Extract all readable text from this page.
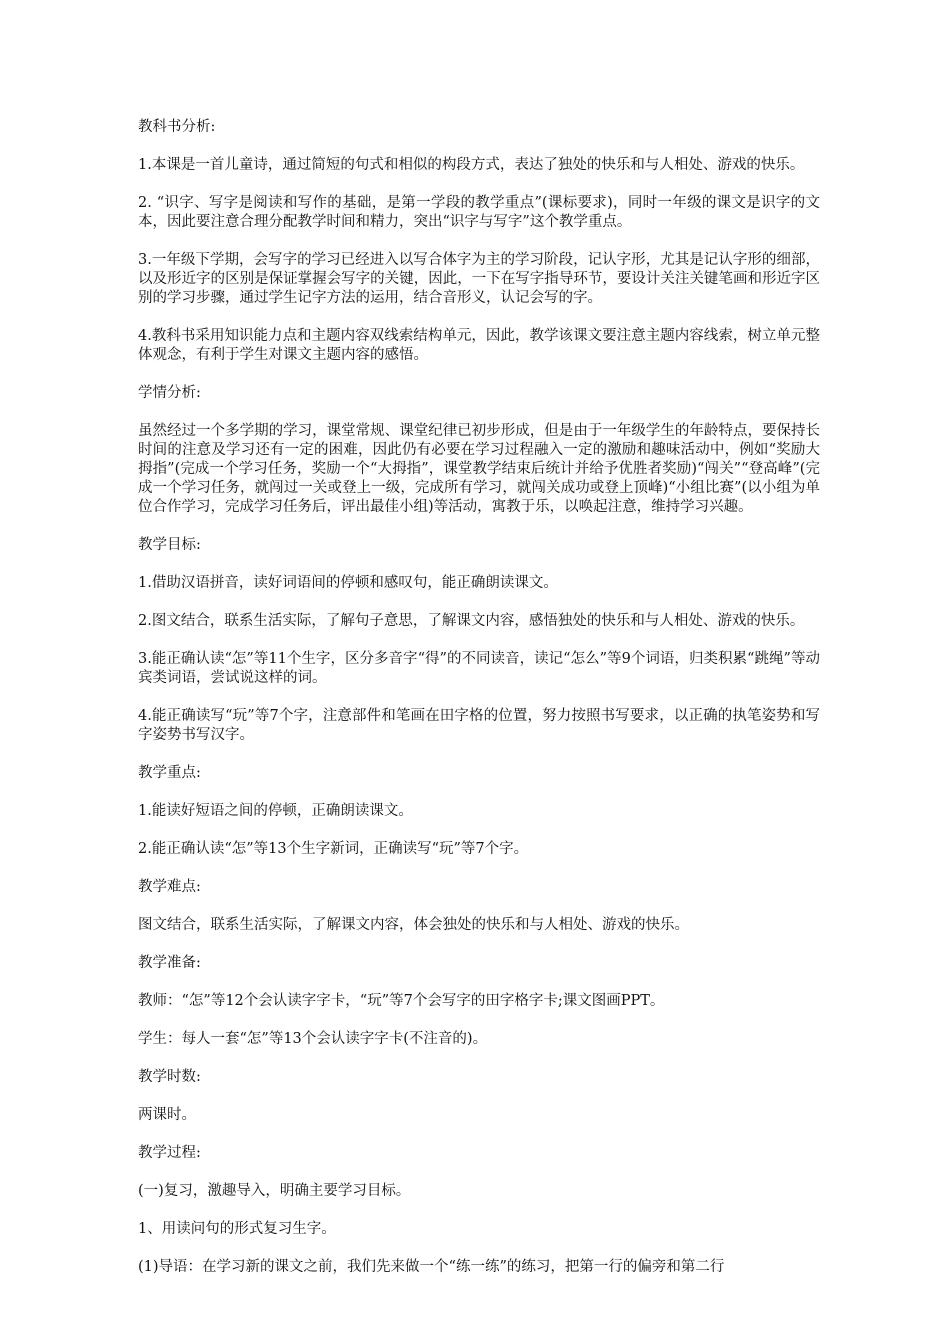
教科书分析:

1.本课是一首儿童诗，通过简短的句式和相似的构段方式，表达了独处的快乐和与人相处、游戏的快乐。

2. “识字、写字是阅读和写作的基础，是第一学段的教学重点”(课标要求)，同时一年级的课文是识字的文本，因此要注意合理分配教学时间和精力，突出“识字与写字”这个教学重点。

3.一年级下学期，会写字的学习已经进入以写合体字为主的学习阶段，记认字形，尤其是记认字形的细部，以及形近字的区别是保证掌握会写字的关键，因此，一下在写字指导环节，要设计关注关键笔画和形近字区别的学习步骤，通过学生记字方法的运用，结合音形义，认记会写的字。

4.教科书采用知识能力点和主题内容双线索结构单元，因此，教学该课文要注意主题内容线索，树立单元整体观念，有利于学生对课文主题内容的感悟。

学情分析:

虽然经过一个多学期的学习，课堂常规、课堂纪律已初步形成，但是由于一年级学生的年龄特点，要保持长时间的注意及学习还有一定的困难，因此仍有必要在学习过程融入一定的激励和趣味活动中，例如“奖励大拇指”(完成一个学习任务，奖励一个“大拇指”，课堂教学结束后统计并给予优胜者奖励)“闯关”“登高峰”(完成一个学习任务，就闯过一关或登上一级，完成所有学习，就闯关成功或登上顶峰)“小组比赛”(以小组为单位合作学习，完成学习任务后，评出最佳小组)等活动，寓教于乐，以唤起注意，维持学习兴趣。

教学目标:

1.借助汉语拼音，读好词语间的停顿和感叹句，能正确朗读课文。

2.图文结合，联系生活实际，了解句子意思，了解课文内容，感悟独处的快乐和与人相处、游戏的快乐。

3.能正确认读“怎”等11个生字，区分多音字“得”的不同读音，读记“怎么”等9个词语，归类积累“跳绳”等动宾类词语，尝试说这样的词。

4.能正确读写“玩”等7个字，注意部件和笔画在田字格的位置，努力按照书写要求，以正确的执笔姿势和写字姿势书写汉字。

教学重点:

1.能读好短语之间的停顿，正确朗读课文。

2.能正确认读“怎”等13个生字新词，正确读写“玩”等7个字。

教学难点:

图文结合，联系生活实际，了解课文内容，体会独处的快乐和与人相处、游戏的快乐。

教学准备:

教师：“怎”等12个会认读字字卡，“玩”等7个会写字的田字格字卡;课文图画PPT。

学生：每人一套“怎”等13个会认读字字卡(不注音的)。

教学时数:

两课时。

教学过程:

(一)复习，激趣导入，明确主要学习目标。

1、用读问句的形式复习生字。

(1)导语：在学习新的课文之前，我们先来做一个“练一练”的练习，把第一行的偏旁和第二行
